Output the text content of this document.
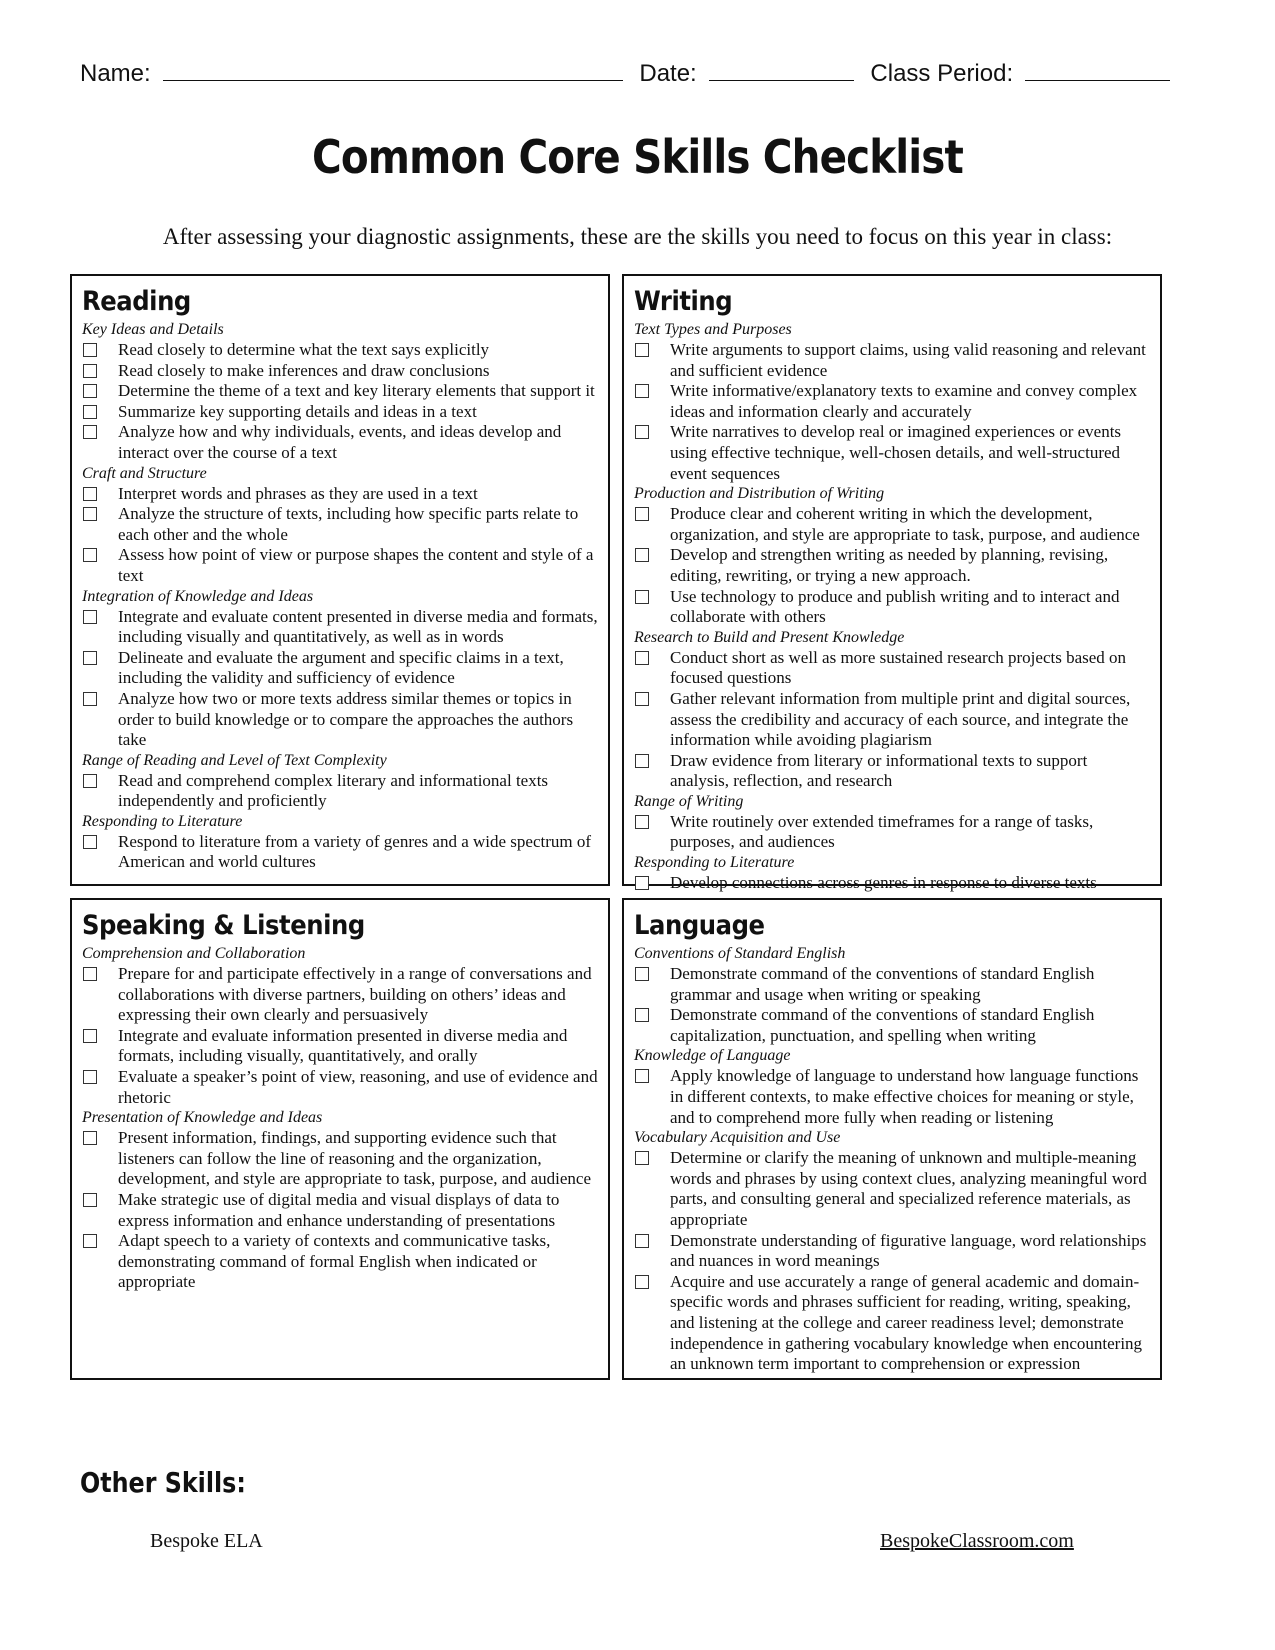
Name:	Date:	Class Period:
Common Core Skills Checklist
After assessing your diagnostic assignments, these are the skills you need to focus on this year in class:
Reading
Key Ideas and Details
Read closely to determine what the text says explicitly
Read closely to make inferences and draw conclusions
Determine the theme of a text and key literary elements that support it
Summarize key supporting details and ideas in a text
Analyze how and why individuals, events, and ideas develop and interact over the course of a text
Craft and Structure
Interpret words and phrases as they are used in a text
Analyze the structure of texts, including how specific parts relate to each other and the whole
Assess how point of view or purpose shapes the content and style of a text
Integration of Knowledge and Ideas
Integrate and evaluate content presented in diverse media and formats, including visually and quantitatively, as well as in words
Delineate and evaluate the argument and specific claims in a text, including the validity and sufficiency of evidence
Analyze how two or more texts address similar themes or topics in order to build knowledge or to compare the approaches the authors take
Range of Reading and Level of Text Complexity
Read and comprehend complex literary and informational texts independently and proficiently
Responding to Literature
Respond to literature from a variety of genres and a wide spectrum of American and world cultures
Writing
Text Types and Purposes
Write arguments to support claims, using valid reasoning and relevant and sufficient evidence
Write informative/explanatory texts to examine and convey complex ideas and information clearly and accurately
Write narratives to develop real or imagined experiences or events using effective technique, well-chosen details, and well-structured event sequences
Production and Distribution of Writing
Produce clear and coherent writing in which the development, organization, and style are appropriate to task, purpose, and audience
Develop and strengthen writing as needed by planning, revising, editing, rewriting, or trying a new approach.
Use technology to produce and publish writing and to interact and collaborate with others
Research to Build and Present Knowledge
Conduct short as well as more sustained research projects based on focused questions
Gather relevant information from multiple print and digital sources, assess the credibility and accuracy of each source, and integrate the information while avoiding plagiarism
Draw evidence from literary or informational texts to support analysis, reflection, and research
Range of Writing
Write routinely over extended timeframes for a range of tasks, purposes, and audiences
Responding to Literature
Develop connections across genres in response to diverse texts
Speaking & Listening
Comprehension and Collaboration
Prepare for and participate effectively in a range of conversations and collaborations with diverse partners, building on others’ ideas and expressing their own clearly and persuasively
Integrate and evaluate information presented in diverse media and formats, including visually, quantitatively, and orally
Evaluate a speaker’s point of view, reasoning, and use of evidence and rhetoric
Presentation of Knowledge and Ideas
Present information, findings, and supporting evidence such that listeners can follow the line of reasoning and the organization, development, and style are appropriate to task, purpose, and audience
Make strategic use of digital media and visual displays of data to express information and enhance understanding of presentations
Adapt speech to a variety of contexts and communicative tasks, demonstrating command of formal English when indicated or appropriate
Language
Conventions of Standard English
Demonstrate command of the conventions of standard English grammar and usage when writing or speaking
Demonstrate command of the conventions of standard English capitalization, punctuation, and spelling when writing
Knowledge of Language
Apply knowledge of language to understand how language functions in different contexts, to make effective choices for meaning or style, and to comprehend more fully when reading or listening
Vocabulary Acquisition and Use
Determine or clarify the meaning of unknown and multiple-meaning words and phrases by using context clues, analyzing meaningful word parts, and consulting general and specialized reference materials, as appropriate
Demonstrate understanding of figurative language, word relationships and nuances in word meanings
Acquire and use accurately a range of general academic and domain-specific words and phrases sufficient for reading, writing, speaking, and listening at the college and career readiness level; demonstrate independence in gathering vocabulary knowledge when encountering an unknown term important to comprehension or expression
Other Skills:
Bespoke ELA	BespokeClassroom.com
